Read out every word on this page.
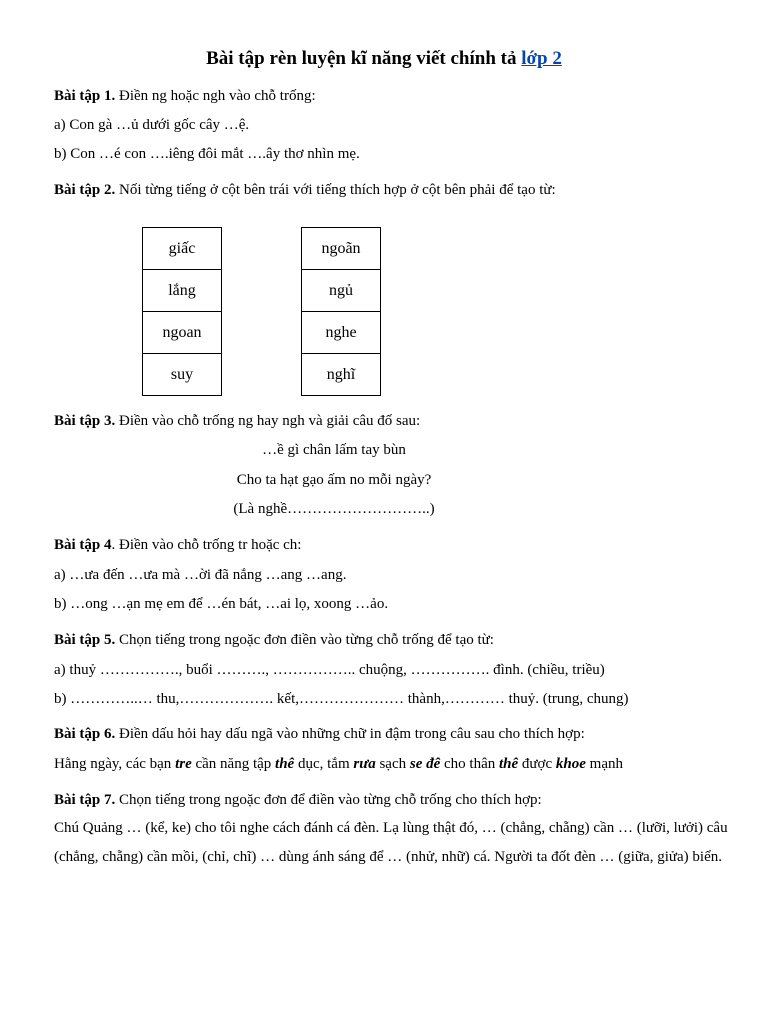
Bài tập rèn luyện kĩ năng viết chính tả lớp 2
Bài tập 1. Điền ng hoặc ngh vào chỗ trống:
a) Con gà …ủ dưới gốc cây …ệ.
b) Con …é con ….iêng đôi mắt ….ây thơ nhìn mẹ.
Bài tập 2. Nối từng tiếng ở cột bên trái với tiếng thích hợp ở cột bên phải để tạo từ:
giấc
lắng
ngoan
suy
ngoãn
ngủ
nghe
nghĩ
Bài tập 3. Điền vào chỗ trống ng hay ngh và giải câu đố sau:
…ề gì chân lấm tay bùn
Cho ta hạt gạo ấm no mỗi ngày?
(Là nghề………………………..)
Bài tập 4. Điền vào chỗ trống tr hoặc ch:
a) …ưa đến …ưa mà …ời đã nắng …ang …ang.
b) …ong …ạn mẹ em để …én bát, …ai lọ, xoong …ảo.
Bài tập 5. Chọn tiếng trong ngoặc đơn điền vào từng chỗ trống để tạo từ:
a) thuỷ ……………., buổi ………., …………….. chuộng, ……………. đình. (chiều, triều)
b) …………..… thu,………………. kết,………………… thành,………… thuỷ. (trung, chung)
Bài tập 6. Điền dấu hỏi hay dấu ngã vào những chữ in đậm trong câu sau cho thích hợp:
Hằng ngày, các bạn tre cần năng tập thê dục, tắm rưa sạch se đê cho thân thê được khoe mạnh
Bài tập 7. Chọn tiếng trong ngoặc đơn để điền vào từng chỗ trống cho thích hợp:
Chú Quảng … (kể, ke) cho tôi nghe cách đánh cá đèn. Lạ lùng thật đó, … (chẳng, chẵng) cần … (lưỡi, lưởi) câu (chẳng, chẵng) cần mồi, (chỉ, chĩ) … dùng ánh sáng để … (nhử, nhữ) cá. Người ta đốt đèn … (giữa, giửa) biển.
